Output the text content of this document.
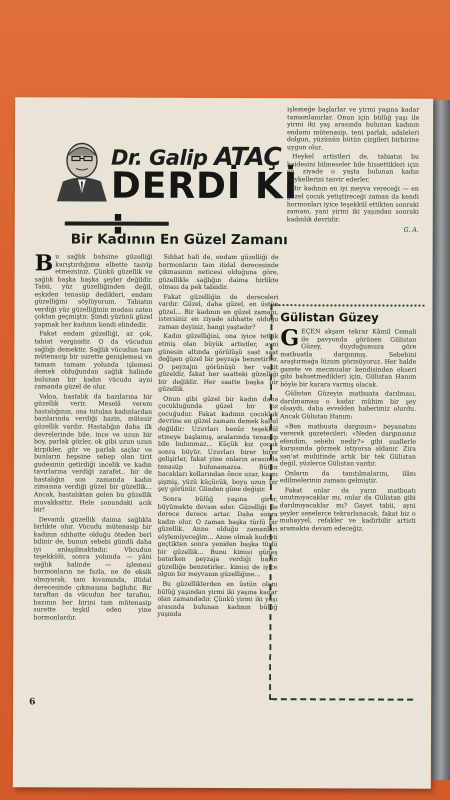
Dr. Galip ATAÇ
DERDİ Kİ
Bir Kadının En Güzel Zamanı

Bu sağlık bahsine güzelliği karıştırdığıma elbette tasvip etmezsiniz. Çünkü güzellik ve sağlık başka başka şeyler değildir. Tabii, yüz güzelliğinden değil, eskiden tenasüp dedikleri, endam güzelliğini söylüyorum. Tabiatın verdiği yüz güzelliğinin modası zaten çoktan geçmiştir. Şimdi yüzünü güzel yapmak her kadının kendi elindedir.

Fakat endam güzelliği, az çok, tabiat vergisidir. O da vücudun sağlığı demektir. Sağlık vücudun tam mütenasip bir surette genişlemesi ve tamam tamam yolunda işlemesi demek olduğundan sağlık halinde bulunan bir kadın vücudu ayni zamanda güzel de olur.

Vakıa, hastalık da bazılarına bir güzellik verir. Meselâ verem hastalığının, ona tutulan kadınlardan bazılarında verdiği hazin, mütesir güzellik vardır. Hastalığın daha ilk devrelerinde bile, ince ve uzun bir boy, parlak gözler, ok gibi uzun uzun kirpikler, gür ve parlak saçlar ve bunların hepsine sebep olan tirit gudesinin getirdiği incelik ve kadın tavırlarına verdiği zarafet.. bir de hastalığın son zamanda kadın zimasına verdiği güzel bir güzellik... Ancak, hastalıktan gelen bu güzellik muvakkattir. Hele sonundaki acık bir!

Devamlı güzellik daima sağlıkla birlikte olur. Vücudu mütenasip bir kadının sıhhatte olduğu öteden beri bilinir de, bunun sebebi gündü daha iyi anlaşılmaktadır. Vücudun teşekkülü, sonra yolunda — yâni sağlık halinde — işlemesi hormonların ne fazla, ne de eksik olmıyarak, tam kıvamında, iltidal derecesinde çıkmasına bağlıdır. Bir taraftan da vücudun her tarafını, hazının her birini tam mütenasip surette teşkil eden yine hormonlardır.

Sıhhat hali de, endam güzelliği de hormonların tam itidal derecesinde çıkmasının neticesi olduğuna göre, güzellikle sağlığın daima birlikte olması da pek tabiidir.

Fakat güzelliğin de dereceleri vardır. Güzel, daha güzel, en üstün güzel... Bir kadının en güzel zamanı, istersiniz en ziyade sıhhatte olduğu zaman deyiniz, hangi yaştadır?

Kadın güzelliğini, ona iyice tetkik etmiş olan büyük artistler, ayni günesin altında görülüşü saat saat değişen güzel bir peyzaja benzetirler. O peyzajın görünüşü her vakit güzeldir, fakat her saatteki güzelliği bir değildir. Her saatte başka bir güzellik.

Onun gibi güzel bir kadın daha çocukluğunda güzel bir kız çocuğudur. Fakat kadının çocukluk devrine en güzel zamanı demek kabul değildir: Uzuvları henüz teşekkül etmeye başlamış, aralarında tenasüp bile bulunmaz... Küçük kız çocuk sonra büyür. Uzuvları birer birer gelişirler, fakat yine onların arasında tenasüp bulunamazsa. Bütün bacakları kollarından önce uzar, karnı şişmiş, yüzü küçücük, boyu uzun bir şey görünür. Günden güne değişir.

Sonra bülûğ yaşına girer, büyümekte devam eder. Güzelliği de derece derece artar. Daha sonra kadın olur. O zaman başka türlü bir güzellik. Anne olduğu zamanları söylemiyeceğim... Anne olmak kudreti geçtikten sonra yeniden başka türlü bir güzellik... Bunu kimisi güneş batarken peyzaja verdiği hazin güzelliğe benzetirler.. kimisi de iyice olgun bir meyvanın güzelliğine...

Bu güzelliklerden en üstün olanı bülûğ yaşından yirmi iki yaşına kadar olan zamandadır. Çünkü yirmi iki yaşı arasında bulunan kadının bülûğ yaşında

işlemeğe başlarlar ve yirmi yaşına kadar tamamlanırlar. Onun için bülûğ yaşı ile yirmi iki yaş arasında bulunan kadının endamı mütenasip, teni parlak, adaleleri dolgun, yüzünün bütün çizgileri birbirine uygun olur.

Heykel artistleri de, tabiatın bu kaidesini bilmeseler bile hissettikleri için en ziyade o yaşta bulunan kadın heykellerini tasvir ederler.

Bir kadının en iyi meyva vereceği — en güzel çocuk yetiştireceği zaman da kendi hormonları iyice teşekkül ettikten sonraki zamanı, yani yirmi iki yaşından sonraki kadınlık devridir.

G. A.

Gülistan Güzey

GEÇEN akşam tekrar Kâmil Cemali ile pavyonda görünen Gülistan Güzey, duyduğumuza göre matbuatla dargınmış. Sebebini araştırmağa lüzum görmüyoruz. Her halde gazete ve mecmualar kendisinden ekseri gibi bahsetmedikleri için, Gülistan Hanım böyle bir karara varmış olacak.

Gülistan Güzeyin matbuata darılması, darılmaması o kadar mühim bir şey olsaydı, daha evvelden haberimiz olurdu. Ancak Gülistan Hanım:

«Ben matbuata dargınım» beyanatını vererek gazetecileri: «Neden dargınsınız efendim, sebebi nedir?» gibi suallerle karşısında görmek istiyorsa aldanır. Zira san'at muhitinde artık bir tek Gülistan değil, yüzlerce Gülistan vardır.

Onların da tanıtılmalarını, ilânı edilmelerinin zamanı gelmiştir.

Fakat onlar da yarın matbuatı unutmıyacaklar mı, onlar da Gülistan gibi darılmıyacaklar mı? Gayet tabii, ayni şeyler senelerce tekrarlanacak, fakat biz o muhayyel, refakler ve kadirbilir artisti aramakta devam edeceğiz.

6
